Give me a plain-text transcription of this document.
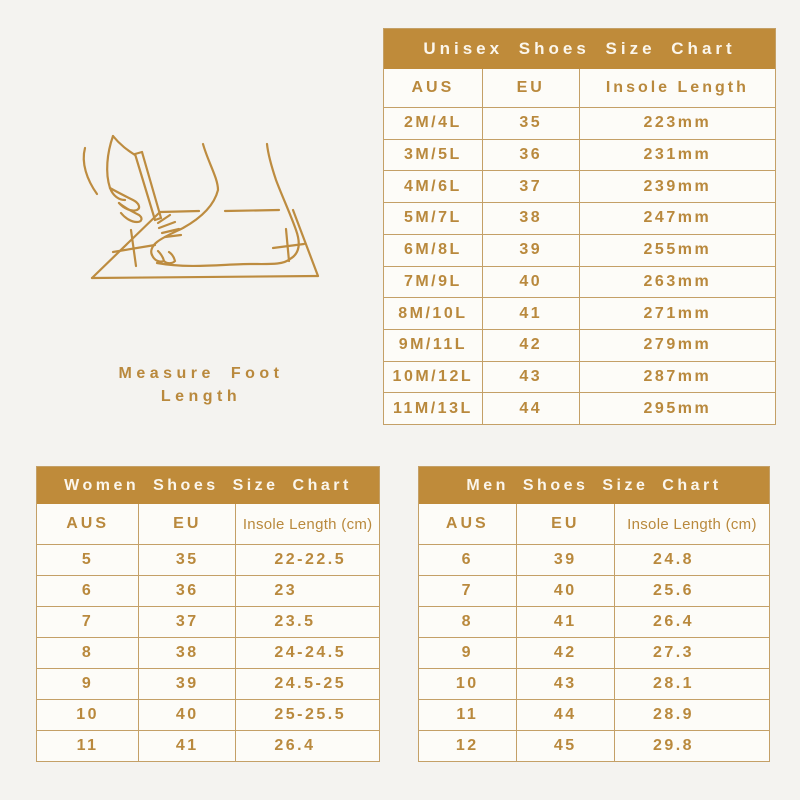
Measure Foot
Length
Unisex Shoes Size Chart
AUS	EU	Insole Length
2M/4L	35	223mm
3M/5L	36	231mm
4M/6L	37	239mm
5M/7L	38	247mm
6M/8L	39	255mm
7M/9L	40	263mm
8M/10L	41	271mm
9M/11L	42	279mm
10M/12L	43	287mm
11M/13L	44	295mm
Women Shoes Size Chart
AUS	EU	Insole Length (cm)
5	35	22-22.5
6	36	23
7	37	23.5
8	38	24-24.5
9	39	24.5-25
10	40	25-25.5
11	41	26.4
Men Shoes Size Chart
AUS	EU	Insole Length (cm)
6	39	24.8
7	40	25.6
8	41	26.4
9	42	27.3
10	43	28.1
11	44	28.9
12	45	29.8
